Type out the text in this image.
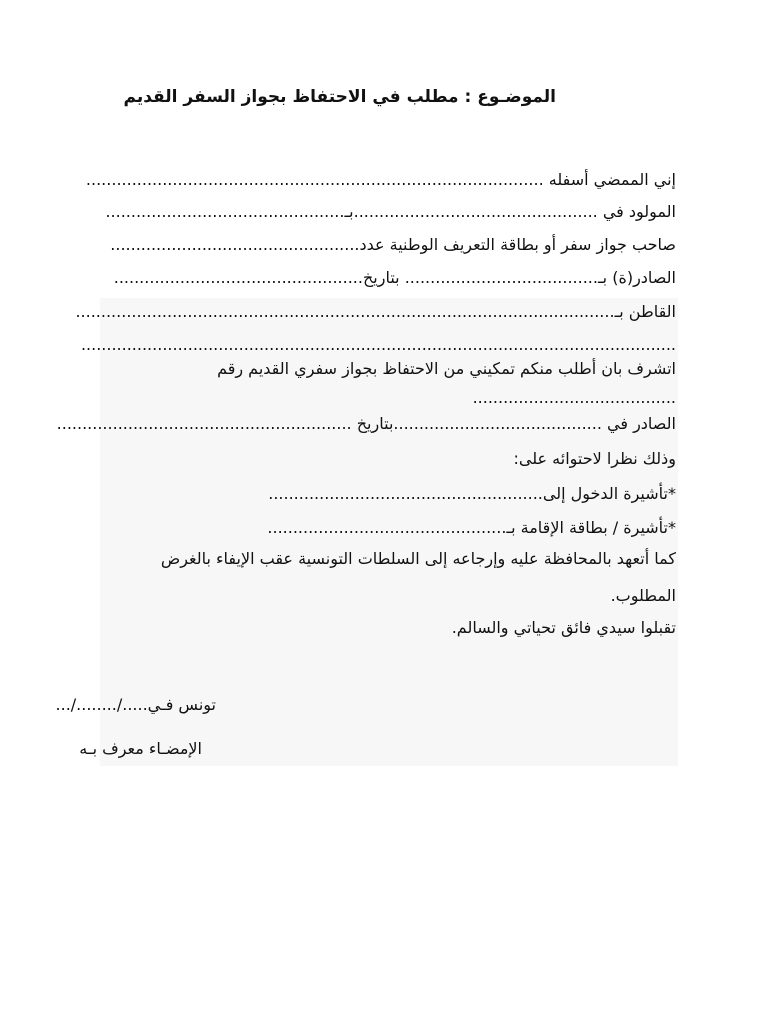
الموضـوع : مطلب في الاحتفاظ بجواز السفر القديم
إني الممضي أسفله ..........................................................................................
المولود في ................................................بـ...............................................
صاحب جواز سفر أو بطاقة التعريف الوطنية عدد.................................................
الصادر(ة) بـ...................................... بتاريخ.................................................
القاطن بـ..........................................................................................................
.....................................................................................................................
اتشرف بان أطلب منكم تمكيني من الاحتفاظ بجواز سفري القديم رقم
........................................
الصادر في .........................................بتاريخ ..........................................................
وذلك نظرا لاحتوائه على:
*تأشيرة الدخول إلى......................................................
*تأشيرة / بطاقة الإقامة بـ...............................................
كما أتعهد بالمحافظة عليه وإرجاعه إلى السلطات التونسية عقب الإيفاء بالغرض
المطلوب.
تقبلوا سيدي فائق تحياتي والسالم.
تونس فـي...../......../...
الإمضـاء معرف بـه
